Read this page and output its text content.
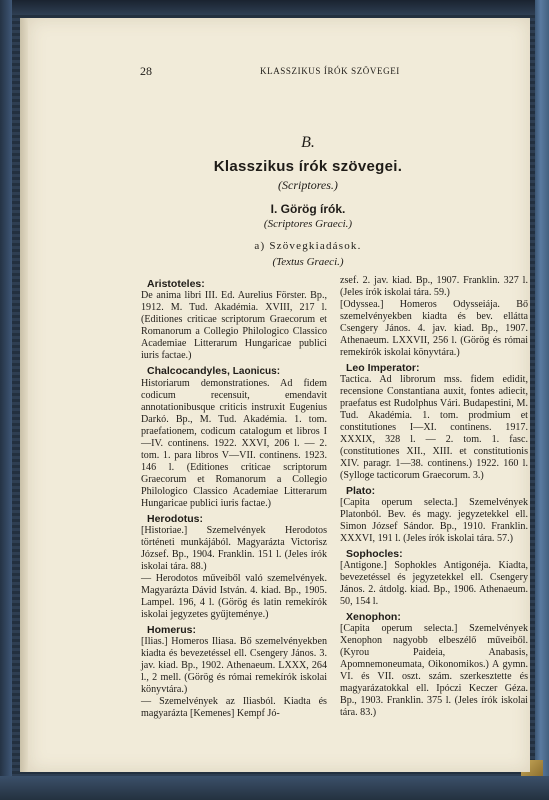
28	KLASSZIKUS ÍRÓK SZÖVEGEI
B.
Klasszikus írók szövegei.
(Scriptores.)
I. Görög írók.
(Scriptores Graeci.)
a) Szövegkiadások.
(Textus Graeci.)
Aristoteles:
De anima libri III. Ed. Aurelius Förster. Bp., 1912. M. Tud. Akadémia. XVIII, 217 l. (Editiones criticae scriptorum Graecorum et Romanorum a Collegio Philologico Classico Academiae Litterarum Hungaricae publici iuris factae.)
Chalcocandyles, Laonicus:
Historiarum demonstrationes. Ad fidem codicum recensuit, emendavit annotationibusque criticis instruxit Eugenius Darkó. Bp., M. Tud. Akadémia. 1. tom. praefationem, codicum catalogum et libros I—IV. continens. 1922. XXVI, 206 l. — 2. tom. 1. para libros V—VII. continens. 1923. 146 l. (Editiones criticae scriptorum Graecorum et Romanorum a Collegio Philologico Classico Academiae Litterarum Hungaricae publici iuris factae.)
Herodotus:
[Historiae.] Szemelvények Herodotos történeti munkájából. Magyarázta Victorisz József. Bp., 1904. Franklin. 151 l. (Jeles írók iskolai tára. 88.)
— Herodotos műveiből való szemelvények. Magyarázta Dávid István. 4. kiad. Bp., 1905. Lampel. 196, 4 l. (Görög és latin remekírók iskolai jegyzetes gyűjteménye.)
Homerus:
[Ilias.] Homeros Iliasa. Bő szemelvényekben kiadta és bevezetéssel ell. Csengery János. 3. jav. kiad. Bp., 1902. Athenaeum. LXXX, 264 l., 2 mell. (Görög és római remekírók iskolai könyvtára.)
— Szemelvények az Iliasból. Kiadta és magyarázta [Kemenes] Kempf Jó-
zsef. 2. jav. kiad. Bp., 1907. Franklin. 327 l. (Jeles írók iskolai tára. 59.)
[Odyssea.] Homeros Odysseiája. Bő szemelvényekben kiadta és bev. ellátta Csengery János. 4. jav. kiad. Bp., 1907. Athenaeum. LXXVII, 256 l. (Görög és római remekírók iskolai könyvtára.)
Leo Imperator:
Tactica. Ad librorum mss. fidem edidit, recensione Constantiana auxit, fontes adiecit, praefatus est Rudolphus Vári. Budapestini, M. Tud. Akadémia. 1. tom. prodmium et constitutiones I—XI. continens. 1917. XXXIX, 328 l. — 2. tom. 1. fasc. (constitutiones XII., XIII. et constitutionis XIV. paragr. 1—38. continens.) 1922. 160 l. (Sylloge tacticorum Graecorum. 3.)
Plato:
[Capita operum selecta.] Szemelvények Platonból. Bev. és magy. jegyzetekkel ell. Simon József Sándor. Bp., 1910. Franklin. XXXVI, 191 l. (Jeles írók iskolai tára. 57.)
Sophocles:
[Antigone.] Sophokles Antigonéja. Kiadta, bevezetéssel és jegyzetekkel ell. Csengery János. 2. átdolg. kiad. Bp., 1906. Athenaeum. 50, 154 l.
Xenophon:
[Capita operum selecta.] Szemelvények Xenophon nagyobb elbeszélő műveiből. (Kyrou Paideia, Anabasis, Apomnemoneumata, Oikonomikos.) A gymn. VI. és VII. oszt. szám. szerkesztette és magyarázatokkal ell. Ipóczi Keczer Géza. Bp., 1903. Franklin. 375 l. (Jeles írók iskolai tára. 83.)
